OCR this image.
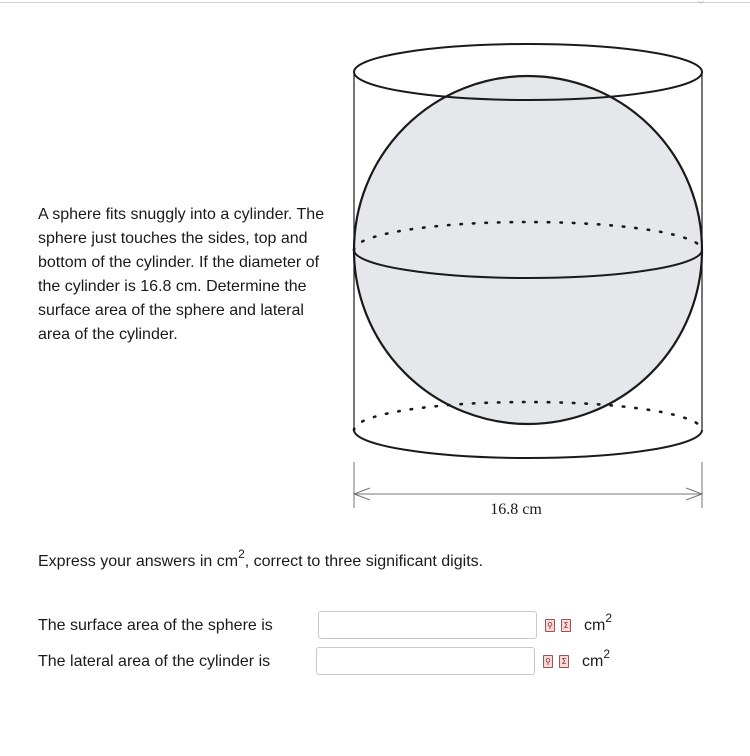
A sphere fits snuggly into a cylinder. The sphere just touches the sides, top and bottom of the cylinder. If the diameter of the cylinder is 16.8 cm. Determine the surface area of the sphere and lateral area of the cylinder.

16.8 cm

Express your answers in $cm^2$, correct to three significant digits.

The surface area of the sphere is	⚲	Σ $cm^2$
The lateral area of the cylinder is	⚲	Σ $cm^2$
